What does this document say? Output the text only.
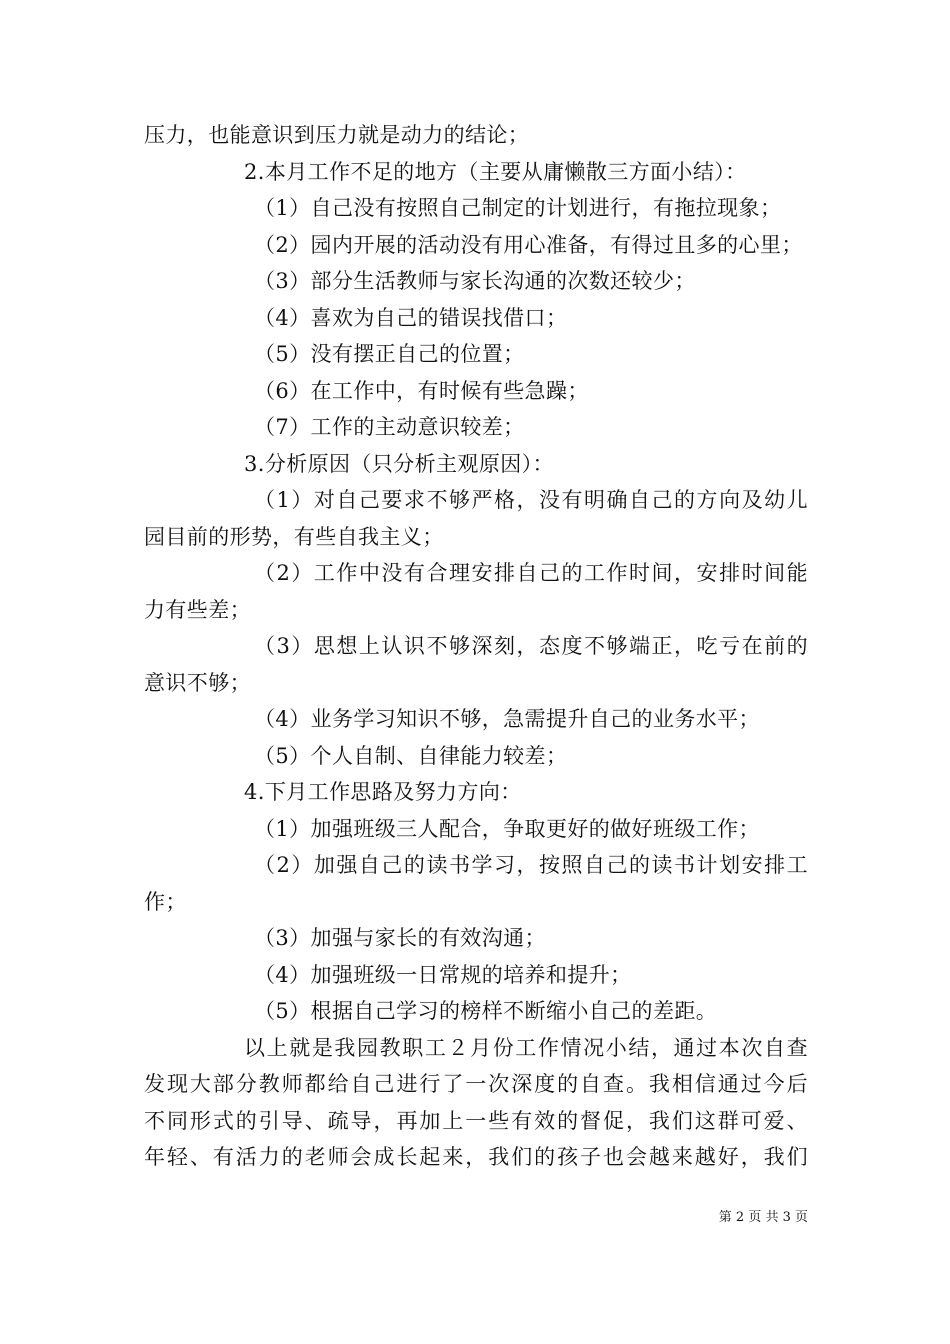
压力，也能意识到压力就是动力的结论；
2.本月工作不足的地方（主要从庸懒散三方面小结）：
（1）自己没有按照自己制定的计划进行，有拖拉现象；
（2）园内开展的活动没有用心准备，有得过且多的心里；
（3）部分生活教师与家长沟通的次数还较少；
（4）喜欢为自己的错误找借口；
（5）没有摆正自己的位置；
（6）在工作中，有时候有些急躁；
（7）工作的主动意识较差；
3.分析原因（只分析主观原因）：
（1）对自己要求不够严格，没有明确自己的方向及幼儿
园目前的形势，有些自我主义；
（2）工作中没有合理安排自己的工作时间，安排时间能
力有些差；
（3）思想上认识不够深刻，态度不够端正，吃亏在前的
意识不够；
（4）业务学习知识不够，急需提升自己的业务水平；
（5）个人自制、自律能力较差；
4.下月工作思路及努力方向：
（1）加强班级三人配合，争取更好的做好班级工作；
（2）加强自己的读书学习，按照自己的读书计划安排工
作；
（3）加强与家长的有效沟通；
（4）加强班级一日常规的培养和提升；
（5）根据自己学习的榜样不断缩小自己的差距。
以上就是我园教职工２月份工作情况小结，通过本次自查
发现大部分教师都给自己进行了一次深度的自查。我相信通过今后
不同形式的引导、疏导，再加上一些有效的督促，我们这群可爱、
年轻、有活力的老师会成长起来，我们的孩子也会越来越好，我们
第 2 页 共 3 页
